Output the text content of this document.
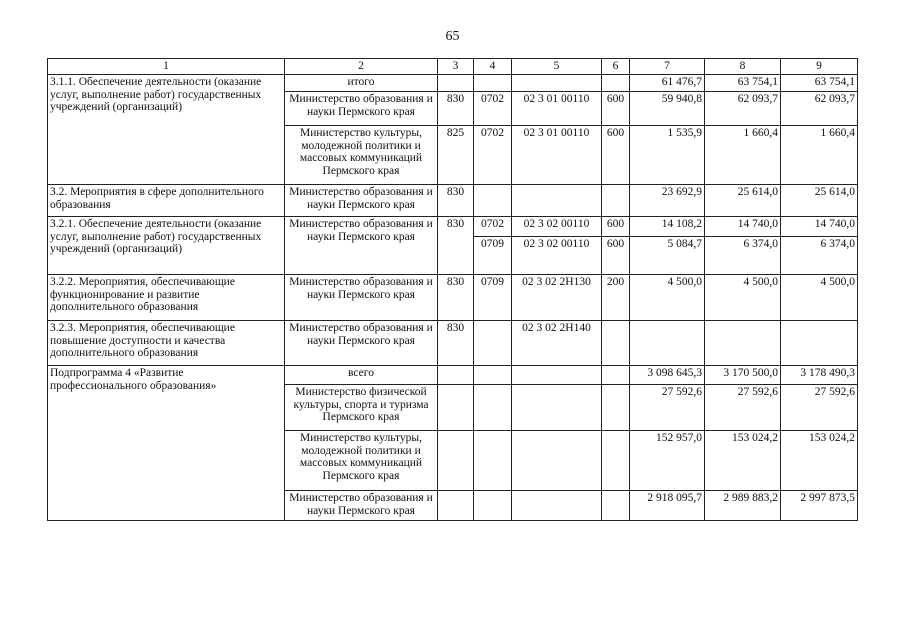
65
1	2	3	4	5	6	7	8	9
3.1.1. Обеспечение деятельности (оказание услуг, выполнение работ) государственных учреждений (организаций)	итого					61 476,7	63 754,1	63 754,1
	Министерство образования и науки Пермского края	830	0702	02 3 01 00110	600	59 940,8	62 093,7	62 093,7
	Министерство культуры, молодежной политики и массовых коммуникаций Пермского края	825	0702	02 3 01 00110	600	1 535,9	1 660,4	1 660,4
3.2. Мероприятия в сфере дополнительного образования	Министерство образования и науки Пермского края	830				23 692,9	25 614,0	25 614,0
3.2.1. Обеспечение деятельности (оказание услуг, выполнение работ) государственных учреждений (организаций)	Министерство образования и науки Пермского края	830	0702	02 3 02 00110	600	14 108,2	14 740,0	14 740,0
			0709	02 3 02 00110	600	5 084,7	6 374,0	6 374,0
3.2.2. Мероприятия, обеспечивающие функционирование и развитие дополнительного образования	Министерство образования и науки Пермского края	830	0709	02 3 02 2Н130	200	4 500,0	4 500,0	4 500,0
3.2.3. Мероприятия, обеспечивающие повышение доступности и качества дополнительного образования	Министерство образования и науки Пермского края	830		02 3 02 2Н140				
Подпрограмма 4 «Развитие профессионального образования»	всего					3 098 645,3	3 170 500,0	3 178 490,3
	Министерство физической культуры, спорта и туризма Пермского края					27 592,6	27 592,6	27 592,6
	Министерство культуры, молодежной политики и массовых коммуникаций Пермского края					152 957,0	153 024,2	153 024,2
	Министерство образования и науки Пермского края					2 918 095,7	2 989 883,2	2 997 873,5
